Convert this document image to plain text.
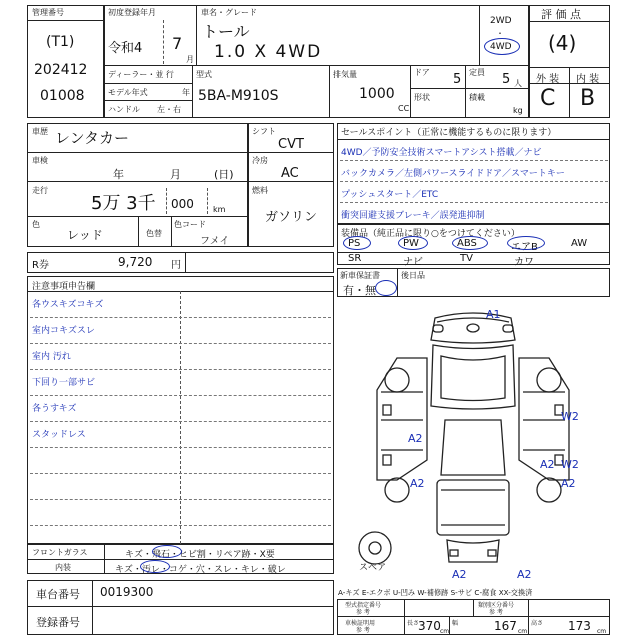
管理番号
(T1)
202412
01008
初度登録年月
令和4 7
月
車名・グレード
トール
1.0 X 4WD
2WD
・
4WD
ディーラー・並 行
モデル年式	年
ハンドル 左・右
型式
5BA-M910S
排気量
1000
CC
ドア 5
形状
定員 5 人
積載
kg
評 価 点
(4)
外 装 内 装
C B
車歴 レンタカー
車検
年	月	(日)
走行
5万 3千 000 km
色
レッド	色替
色コード
フメイ
シフト
CVT
冷房
AC
燃料
ガソリン
セールスポイント（正常に機能するものに限ります）
4WD／予防安全技術スマートアシスト搭載／ナビ
バックカメラ／左側パワースライドドア／スマートキー
プッシュスタート／ETC
衝突回避支援ブレーキ／誤発進抑制
装備品（純正品に限り○をつけてください）
PS	PW	ABS	エアB	AW
SR	ナビ	TV	カワ
R券	9,720 円
新車保証書
有・無
後日品
注意事項申告欄
各ウスキズコキズ
室内コキズスレ
室内 汚れ
下回り一部サビ
各うすキズ
スタッドレス
A1
A2
W2
A2
A2
W2
A2
A2	A2
スペア
フロントガラス	キズ・飛石・ヒビ割・リペア跡・X要
内装	キズ・汚レ・コゲ・穴・スレ・キレ・破レ
車台番号 0019300
登録番号
A-キズ E-エクボ U-凹み W-補修跡 S-サビ C-腐食 XX-交換済
型式指定番号
参 考
類別区分番号
参 考
車検証明用
参 考
長さ
370 cm
幅	167 cm
高さ 173 cm
